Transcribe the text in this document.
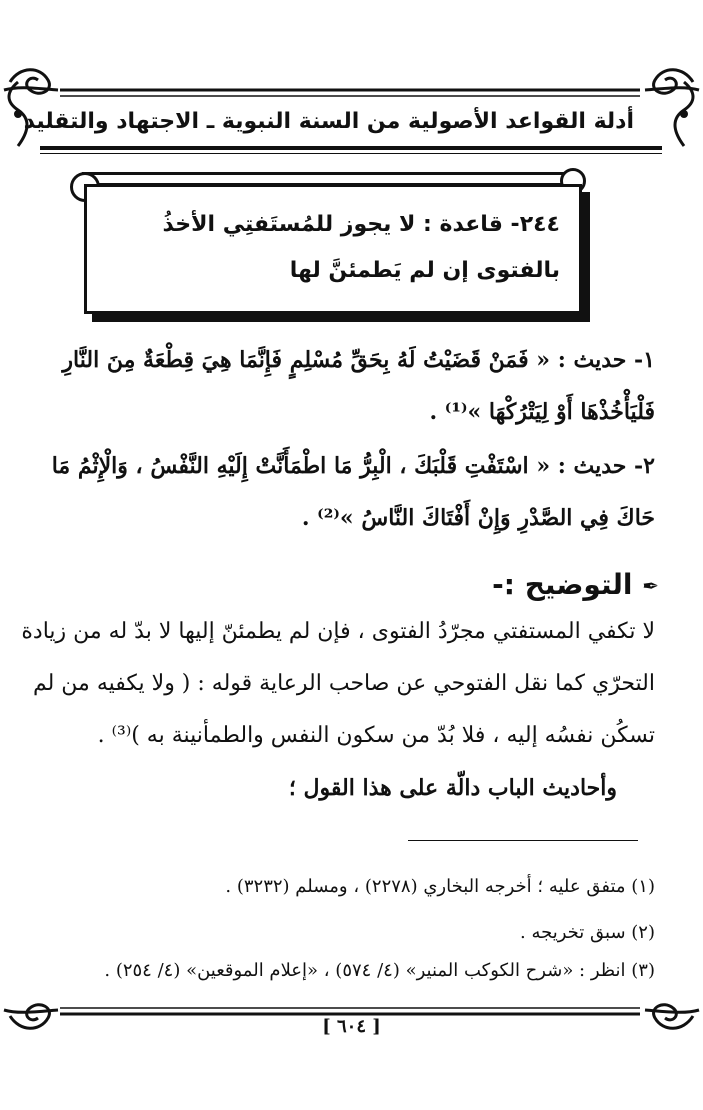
أدلة القواعد الأصولية من السنة النبوية ـ الاجتهاد والتقليد
٢٤٤- قاعدة : لا يجوز للمُستَفتِي الأخذُ
بالفتوى إن لم يَطمئنَّ لها
١- حديث : « فَمَنْ قَضَيْتُ لَهُ بِحَقِّ مُسْلِمٍ فَإِنَّمَا هِيَ قِطْعَةٌ مِنَ النَّارِ
فَلْيَأْخُذْهَا أَوْ لِيَتْرُكْهَا »⁽¹⁾ .
٢- حديث : « اسْتَفْتِ قَلْبَكَ ، الْبِرُّ مَا اطْمَأَنَّتْ إِلَيْهِ النَّفْسُ ، وَالْإِثْمُ مَا
حَاكَ فِي الصَّدْرِ وَإِنْ أَفْتَاكَ النَّاسُ »⁽²⁾ .
✒ التوضيح :-
لا تكفي المستفتي مجرّدُ الفتوى ، فإن لم يطمئنّ إليها لا بدّ له من زيادة
التحرّي كما نقل الفتوحي عن صاحب الرعاية قوله : ( ولا يكفيه من لم
تسكُن نفسُه إليه ، فلا بُدّ من سكون النفس والطمأنينة به )⁽³⁾ .
وأحاديث الباب دالّة على هذا القول ؛
(١) متفق عليه ؛ أخرجه البخاري (٢٢٧٨) ، ومسلم (٣٢٣٢) .
(٢) سبق تخريجه .
(٣) انظر : «شرح الكوكب المنير» (٤/ ٥٧٤) ، «إعلام الموقعين» (٤/ ٢٥٤) .
[ ٦٠٤ ]
